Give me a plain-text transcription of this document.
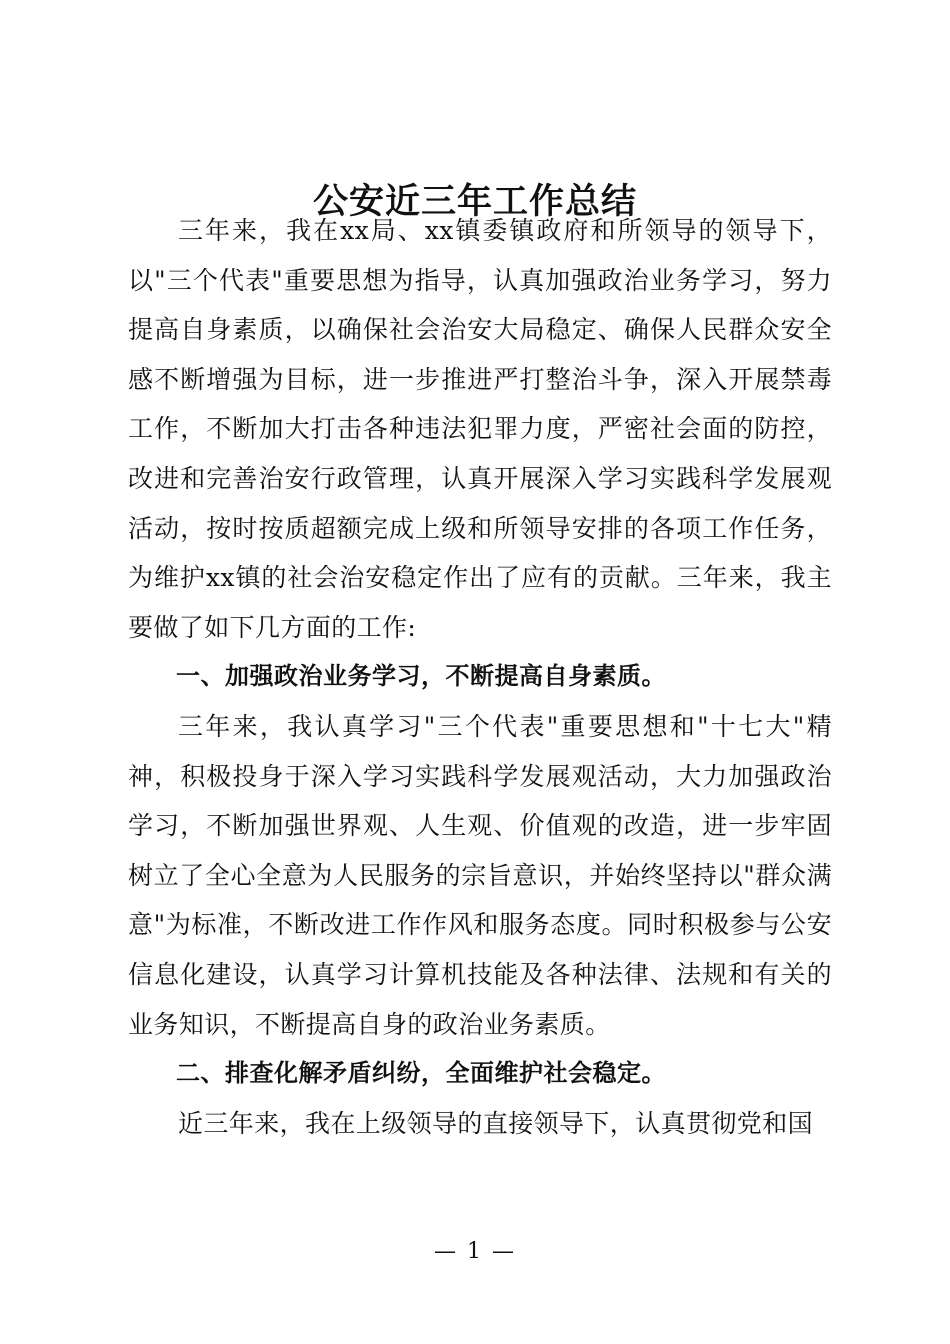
公安近三年工作总结

三年来，我在xx局、xx镇委镇政府和所领导的领导下，以"三个代表"重要思想为指导，认真加强政治业务学习，努力提高自身素质，以确保社会治安大局稳定、确保人民群众安全感不断增强为目标，进一步推进严打整治斗争，深入开展禁毒工作，不断加大打击各种违法犯罪力度，严密社会面的防控，改进和完善治安行政管理，认真开展深入学习实践科学发展观活动，按时按质超额完成上级和所领导安排的各项工作任务，为维护xx镇的社会治安稳定作出了应有的贡献。三年来，我主要做了如下几方面的工作:

一、加强政治业务学习，不断提高自身素质。

三年来，我认真学习"三个代表"重要思想和"十七大"精神，积极投身于深入学习实践科学发展观活动，大力加强政治学习，不断加强世界观、人生观、价值观的改造，进一步牢固树立了全心全意为人民服务的宗旨意识，并始终坚持以"群众满意"为标准，不断改进工作作风和服务态度。同时积极参与公安信息化建设，认真学习计算机技能及各种法律、法规和有关的业务知识，不断提高自身的政治业务素质。

二、排查化解矛盾纠纷，全面维护社会稳定。

近三年来，我在上级领导的直接领导下，认真贯彻党和国

— 1 —
